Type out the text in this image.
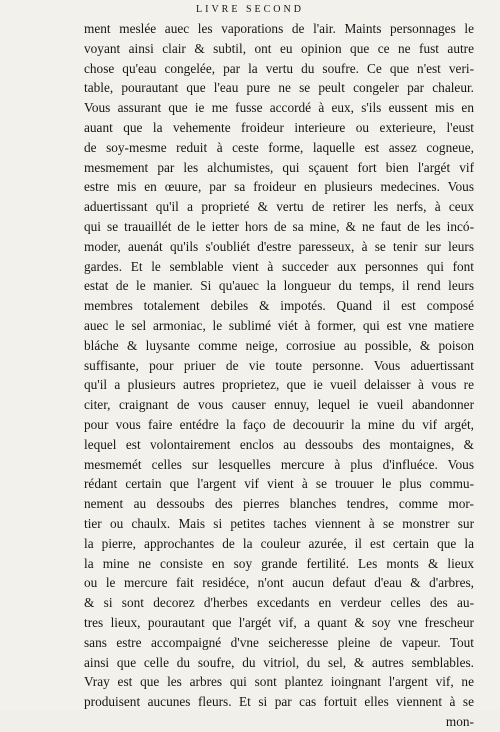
LIVRE SECOND
ment meslée auec les vaporations de l'air. Maints personnages le
voyant ainsi clair & subtil, ont eu opinion que ce ne fust autre
chose qu'eau congelée, par la vertu du soufre. Ce que n'est veri-
table, pourautant que l'eau pure ne se peult congeler par chaleur.
Vous assurant que ie me fusse accordé à eux, s'ils eussent mis en
auant que la vehemente froideur interieure ou exterieure, l'eust
de soy-mesme reduit à ceste forme, laquelle est assez cogneue,
mesmement par les alchumistes, qui sçauent fort bien l'argét vif
estre mis en œuure, par sa froideur en plusieurs medecines. Vous
aduertissant qu'il a proprieté & vertu de retirer les nerfs, à ceux
qui se trauaillét de le ietter hors de sa mine, & ne faut de les incó-
moder, auenát qu'ils s'oubliét d'estre paresseux, à se tenir sur leurs
gardes. Et le semblable vient à succeder aux personnes qui font
estat de le manier. Si qu'auec la longueur du temps, il rend leurs
membres totalement debiles & impotés. Quand il est composé
auec le sel armoniac, le sublimé viét à former, qui est vne matiere
bláche & luysante comme neige, corrosiue au possible, & poison
suffisante, pour priuer de vie toute personne. Vous aduertissant
qu'il a plusieurs autres proprietez, que ie vueil delaisser à vous re
citer, craignant de vous causer ennuy, lequel ie vueil abandonner
pour vous faire entédre la faço de decouurir la mine du vif argét,
lequel est volontairement enclos au dessoubs des montaignes, &
mesmemét celles sur lesquelles mercure à plus d'influéce. Vous
rédant certain que l'argent vif vient à se trouuer le plus commu-
nement au dessoubs des pierres blanches tendres, comme mor-
tier ou chaulx. Mais si petites taches viennent à se monstrer sur
la pierre, approchantes de la couleur azurée, il est certain que la
la mine ne consiste en soy grande fertilité. Les monts & lieux
ou le mercure fait residéce, n'ont aucun defaut d'eau & d'arbres,
& si sont decorez d'herbes excedants en verdeur celles des au-
tres lieux, pourautant que l'argét vif, a quant & soy vne frescheur
sans estre accompaigné d'vne seicheresse pleine de vapeur. Tout
ainsi que celle du soufre, du vitriol, du sel, & autres semblables.
Vray est que les arbres qui sont plantez ioingnant l'argent vif, ne
produisent aucunes fleurs. Et si par cas fortuit elles viennent à se
mon-
